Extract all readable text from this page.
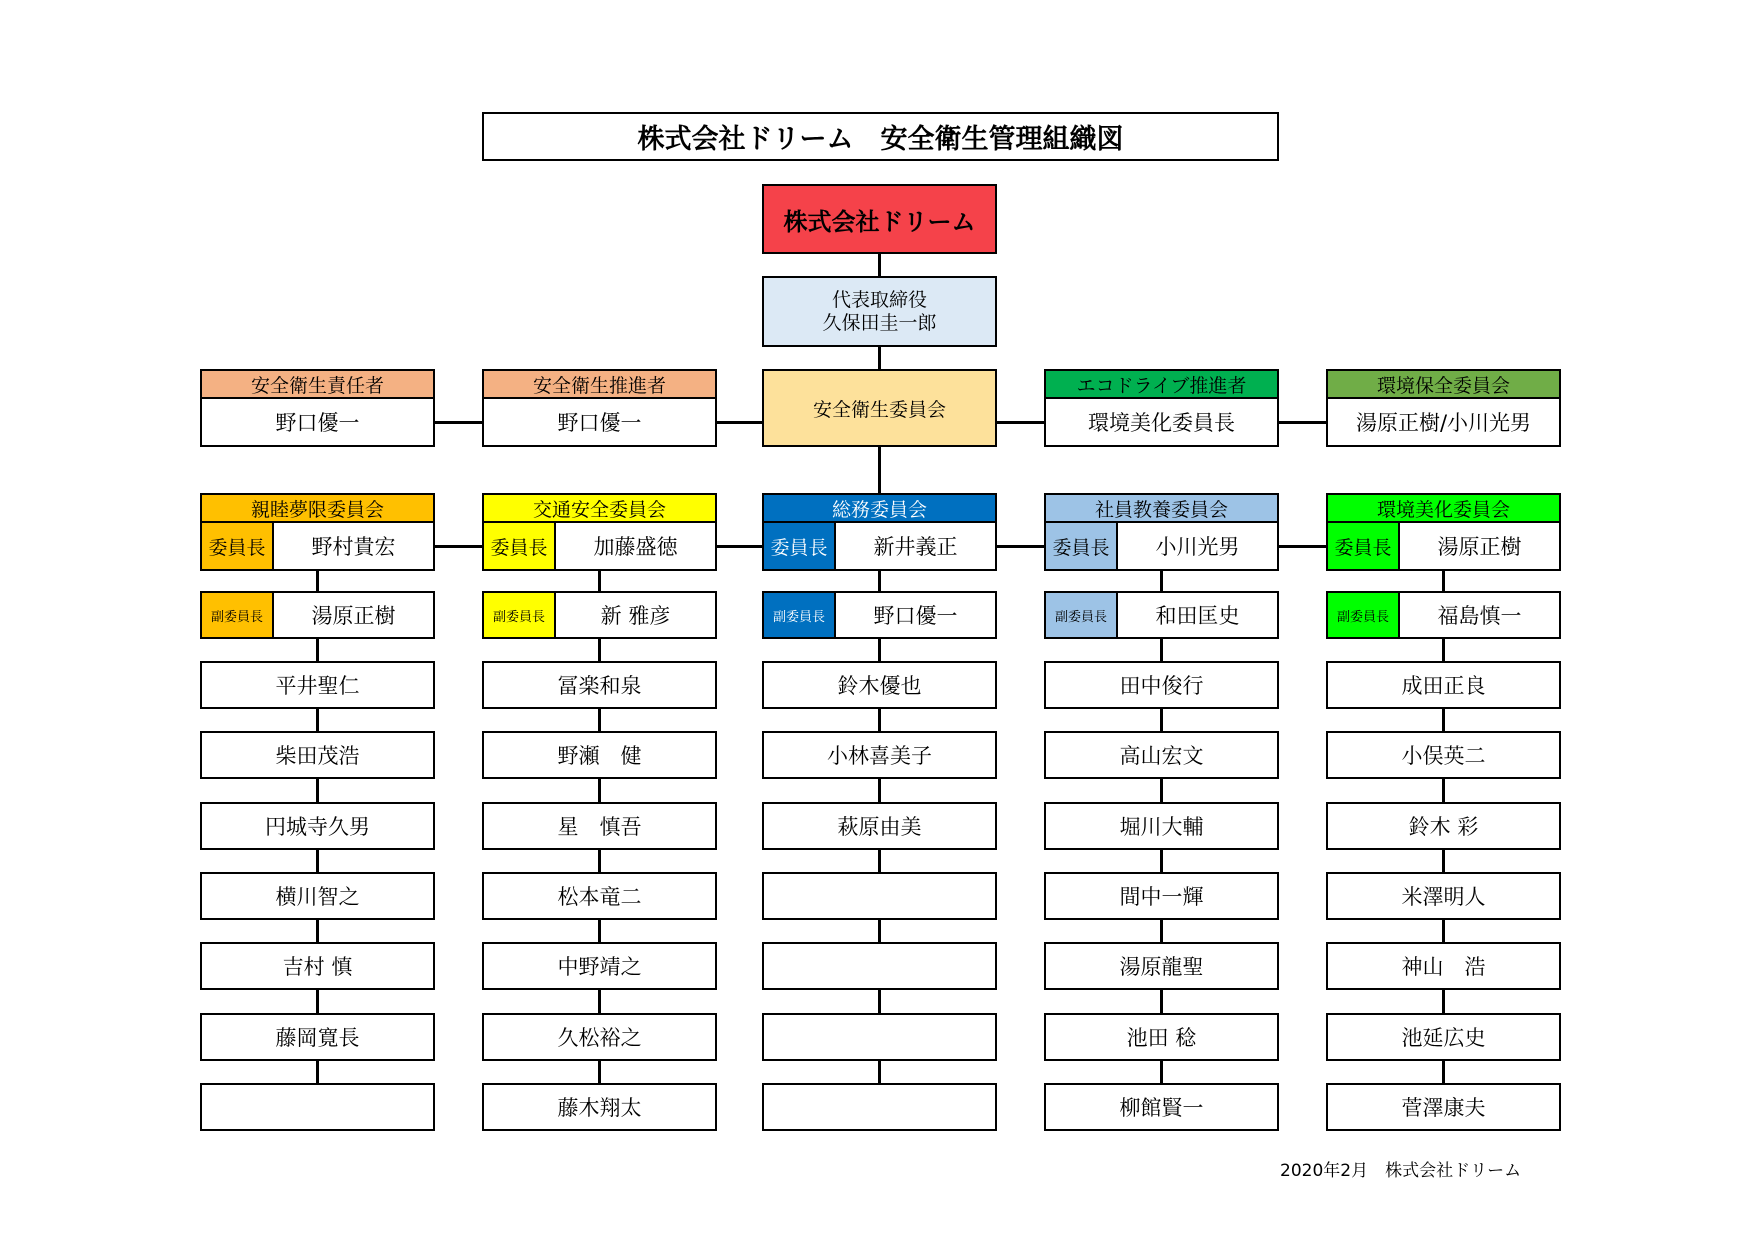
株式会社ドリーム　安全衛生管理組織図
株式会社ドリーム
代表取締役
久保田圭一郎
安全衛生委員会
安全衛生責任者
野口優一
安全衛生推進者
野口優一
エコドライブ推進者
環境美化委員長
環境保全委員会
湯原正樹/小川光男
親睦夢限委員会
委員長	野村貴宏
副委員長	湯原正樹
平井聖仁
柴田茂浩
円城寺久男
横川智之
吉村 慎
藤岡寛長
交通安全委員会
委員長	加藤盛徳
副委員長	新 雅彦
冨楽和泉
野瀬　健
星　慎吾
松本竜二
中野靖之
久松裕之
藤木翔太
総務委員会
委員長	新井義正
副委員長	野口優一
鈴木優也
小林喜美子
萩原由美
社員教養委員会
委員長	小川光男
副委員長	和田匡史
田中俊行
高山宏文
堀川大輔
間中一輝
湯原龍聖
池田 稔
柳館賢一
環境美化委員会
委員長	湯原正樹
副委員長	福島慎一
成田正良
小俣英二
鈴木 彩
米澤明人
神山　浩
池延広史
菅澤康夫
2020年2月　株式会社ドリーム
